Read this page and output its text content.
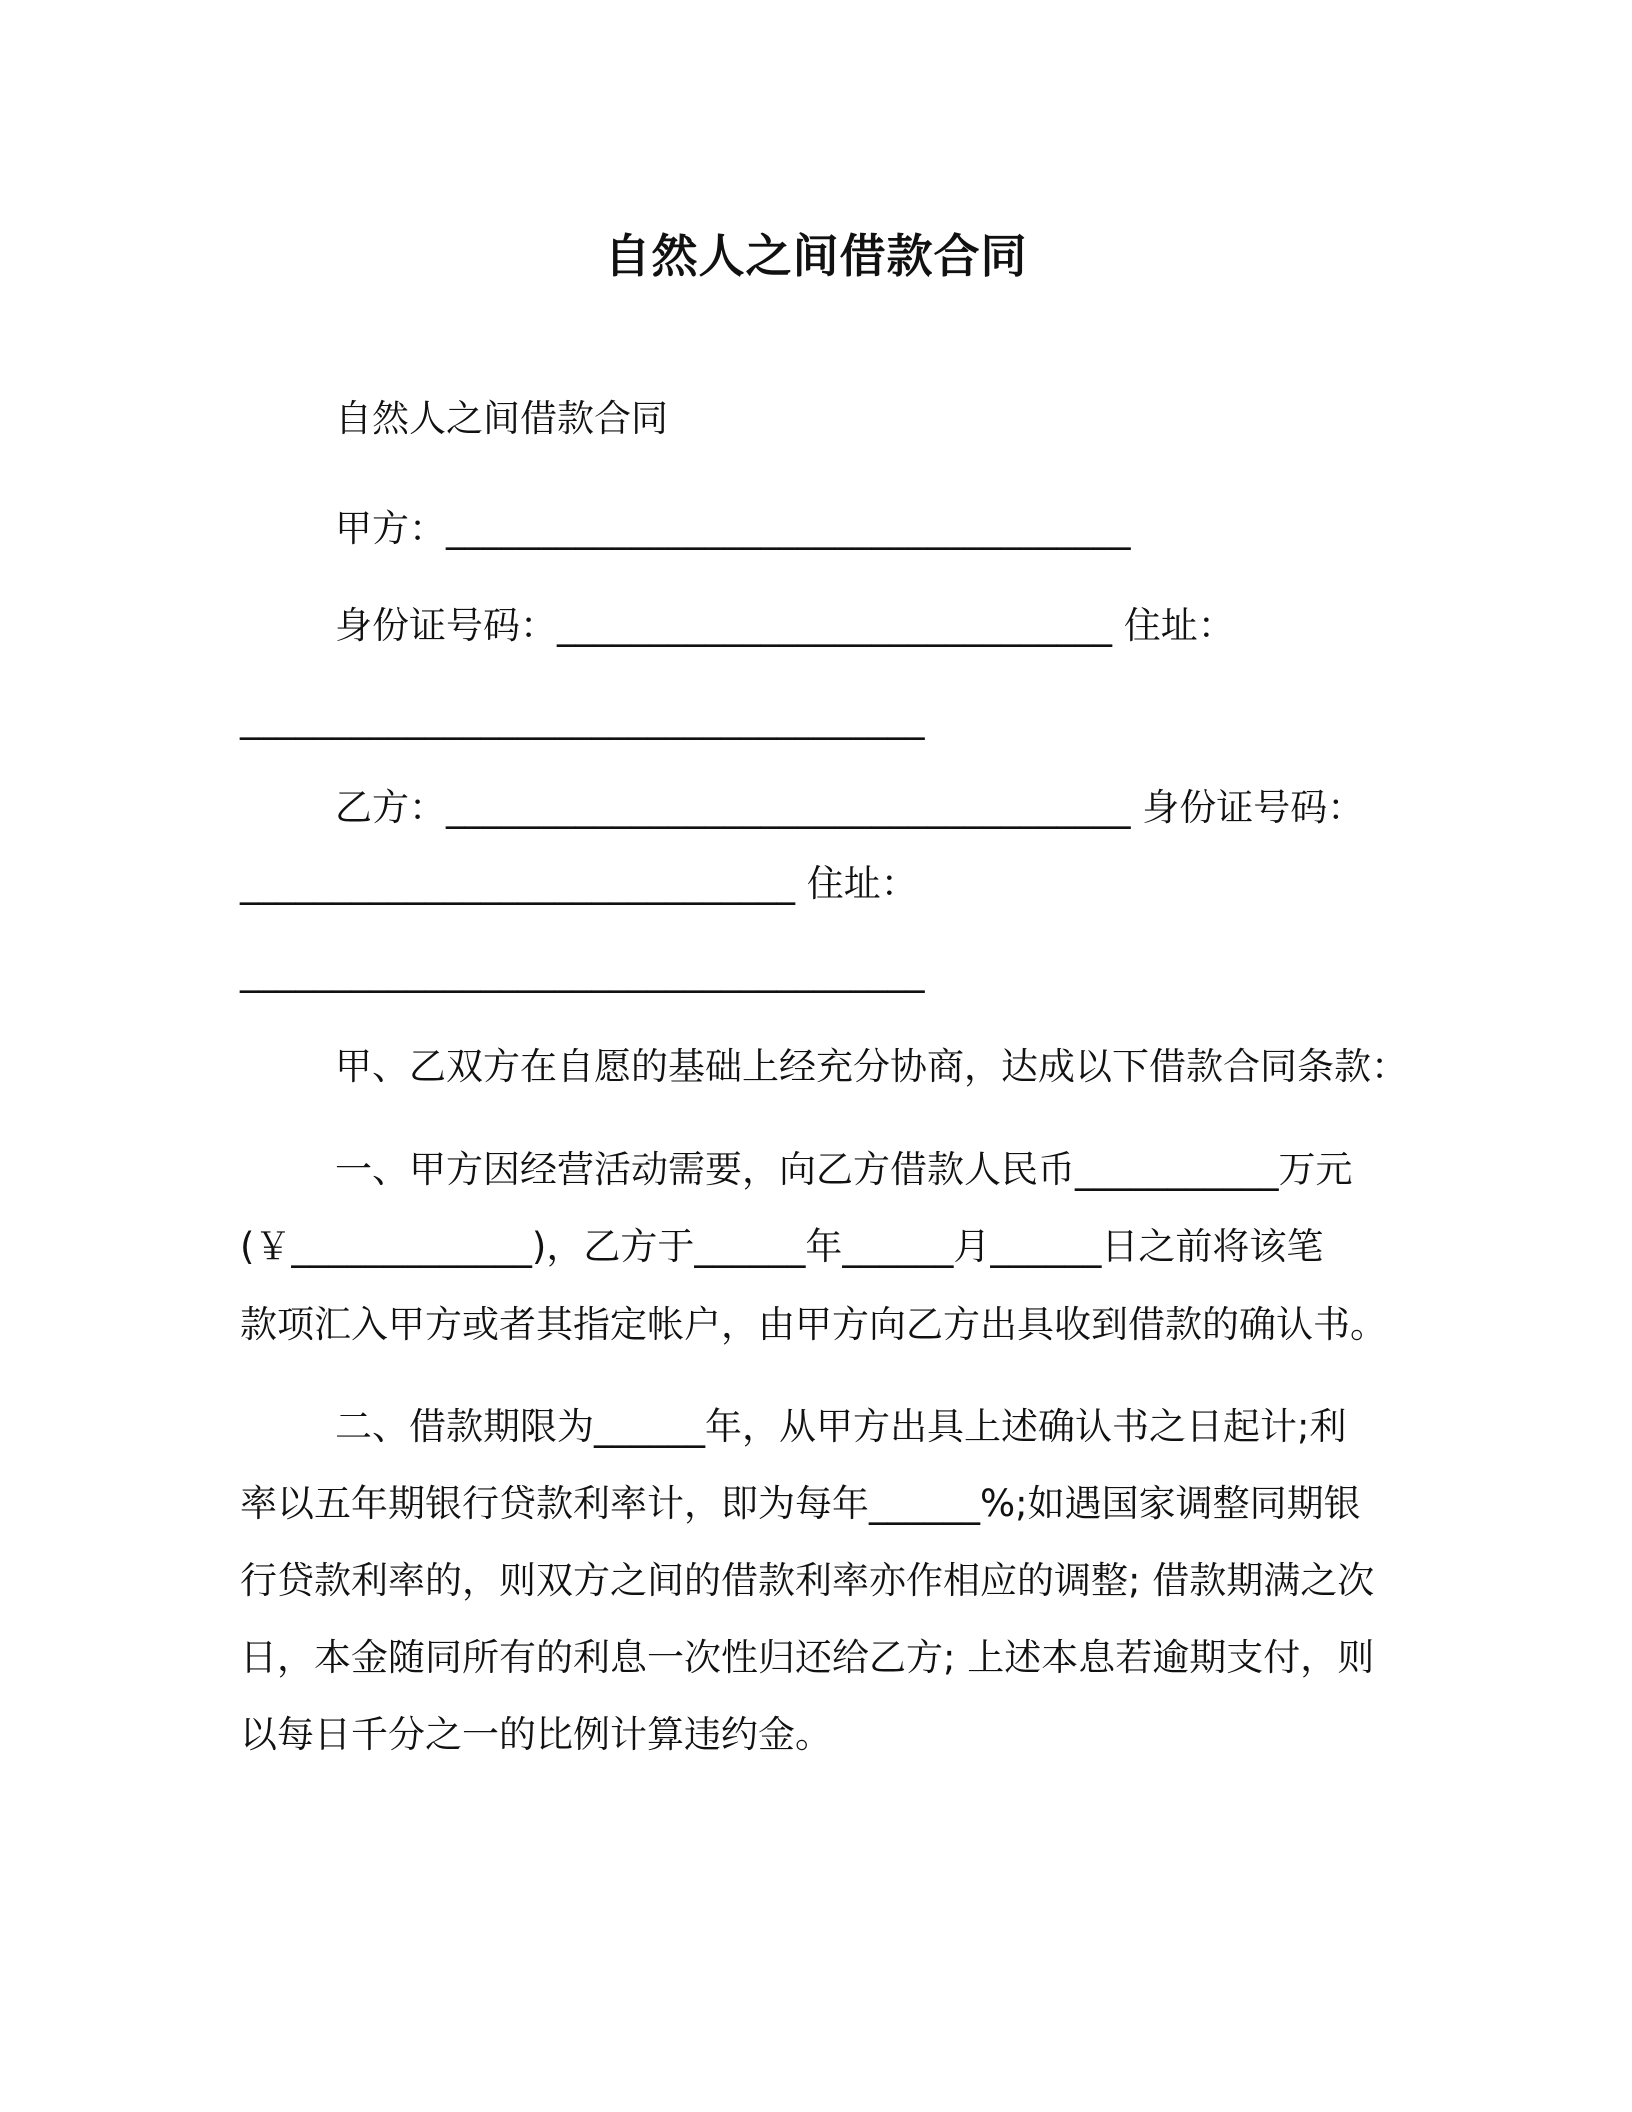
自然人之间借款合同
自然人之间借款合同
甲方：_____________________________________
身份证号码：______________________________ 住址：
_____________________________________
乙方：_____________________________________ 身份证号码：
______________________________ 住址：
_____________________________________
甲、乙双方在自愿的基础上经充分协商，达成以下借款合同条款：
一、甲方因经营活动需要，向乙方借款人民币___________万元
(￥_____________)，乙方于______年______月______日之前将该笔
款项汇入甲方或者其指定帐户，由甲方向乙方出具收到借款的确认书。
二、借款期限为______年，从甲方出具上述确认书之日起计;利
率以五年期银行贷款利率计，即为每年______%;如遇国家调整同期银
行贷款利率的，则双方之间的借款利率亦作相应的调整; 借款期满之次
日，本金随同所有的利息一次性归还给乙方; 上述本息若逾期支付，则
以每日千分之一的比例计算违约金。
